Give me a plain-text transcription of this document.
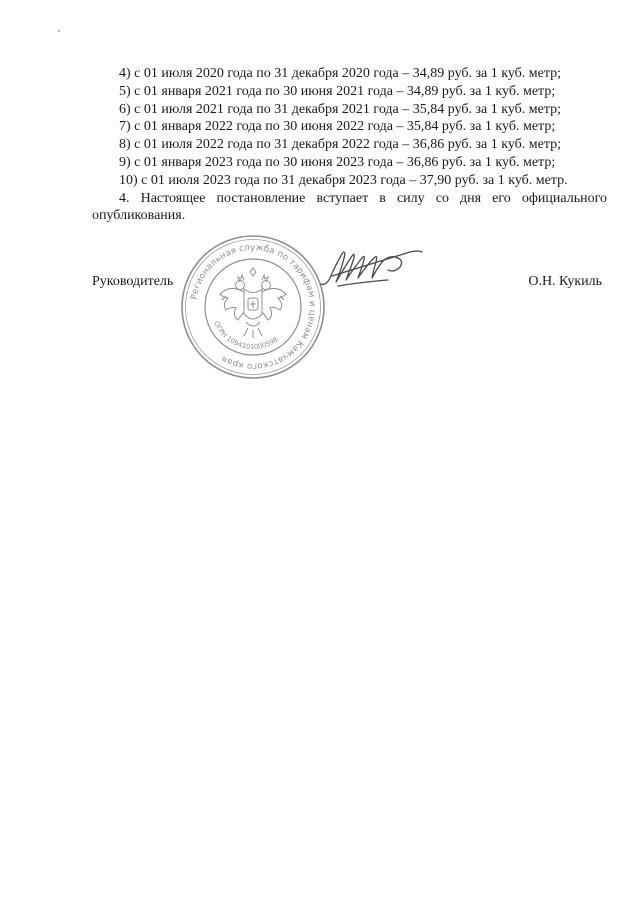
4) с 01 июля 2020 года по 31 декабря 2020 года – 34,89 руб. за 1 куб. метр;

5) с 01 января 2021 года по 30 июня 2021 года – 34,89 руб. за 1 куб. метр;

6) с 01 июля 2021 года по 31 декабря 2021 года – 35,84 руб. за 1 куб. метр;

7) с 01 января 2022 года по 30 июня 2022 года – 35,84 руб. за 1 куб. метр;

8) с 01 июля 2022 года по 31 декабря 2022 года – 36,86 руб. за 1 куб. метр;

9) с 01 января 2023 года по 30 июня 2023 года – 36,86 руб. за 1 куб. метр;

10) с 01 июля 2023 года по 31 декабря 2023 года – 37,90 руб. за 1 куб. метр.

4. Настоящее постановление вступает в силу со дня его официального опубликования.

Руководитель	О.Н. Кукиль
Региональная служба по тарифам и ценам Камчатского края
ОГРН 1094101000598
